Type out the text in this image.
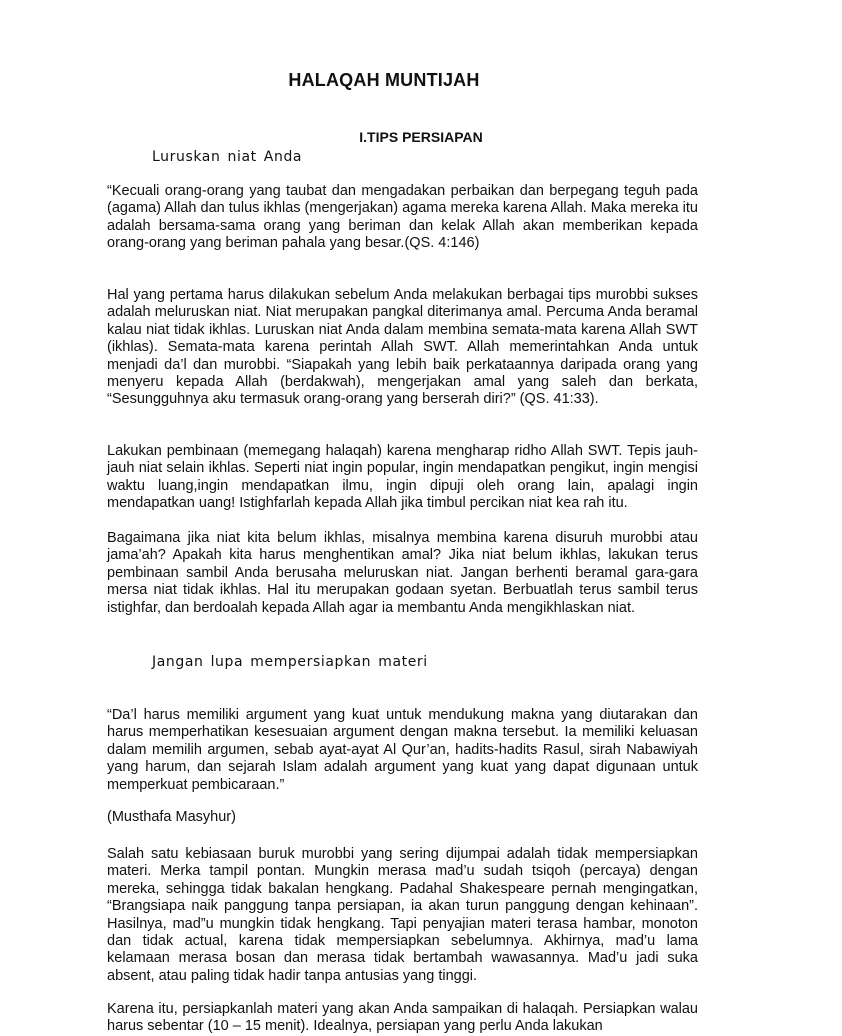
HALAQAH MUNTIJAH
I.TIPS PERSIAPAN
Luruskan niat Anda

“Kecuali orang-orang yang taubat dan mengadakan perbaikan dan berpegang teguh pada (agama) Allah dan tulus ikhlas (mengerjakan) agama mereka karena Allah. Maka mereka itu adalah bersama-sama orang yang beriman dan kelak Allah akan memberikan kepada orang-orang yang beriman pahala yang besar.(QS. 4:146)

Hal yang pertama harus dilakukan sebelum Anda melakukan berbagai tips murobbi sukses adalah meluruskan niat. Niat merupakan pangkal diterimanya amal. Percuma Anda beramal kalau niat tidak ikhlas. Luruskan niat Anda dalam membina semata-mata karena Allah SWT (ikhlas). Semata-mata karena perintah Allah SWT. Allah memerintahkan Anda untuk menjadi da’l dan murobbi. “Siapakah yang lebih baik perkataannya daripada orang yang menyeru kepada Allah (berdakwah), mengerjakan amal yang saleh dan berkata, “Sesungguhnya aku termasuk orang-orang yang berserah diri?” (QS. 41:33).

Lakukan pembinaan (memegang halaqah) karena mengharap ridho Allah SWT. Tepis jauh-jauh niat selain ikhlas. Seperti niat ingin popular, ingin mendapatkan pengikut, ingin mengisi waktu luang,ingin mendapatkan ilmu, ingin dipuji oleh orang lain, apalagi ingin mendapatkan uang! Istighfarlah kepada Allah jika timbul percikan niat kea rah itu.

Bagaimana jika niat kita belum ikhlas, misalnya membina karena disuruh murobbi atau jama’ah? Apakah kita harus menghentikan amal? Jika niat belum ikhlas, lakukan terus pembinaan sambil Anda berusaha meluruskan niat. Jangan berhenti beramal gara-gara mersa niat tidak ikhlas. Hal itu merupakan godaan syetan. Berbuatlah terus sambil terus istighfar, dan berdoalah kepada Allah agar ia membantu Anda mengikhlaskan niat.

Jangan lupa mempersiapkan materi

“Da’l harus memiliki argument yang kuat untuk mendukung makna yang diutarakan dan harus memperhatikan kesesuaian argument dengan makna tersebut. Ia memiliki keluasan dalam memilih argumen, sebab ayat-ayat Al Qur’an, hadits-hadits Rasul, sirah Nabawiyah yang harum, dan sejarah Islam adalah argument yang kuat yang dapat digunaan untuk memperkuat pembicaraan.”

(Musthafa Masyhur)

Salah satu kebiasaan buruk murobbi yang sering dijumpai adalah tidak mempersiapkan materi. Merka tampil pontan. Mungkin merasa mad’u sudah tsiqoh (percaya) dengan mereka, sehingga tidak bakalan hengkang. Padahal Shakespeare pernah mengingatkan, “Brangsiapa naik panggung tanpa persiapan, ia akan turun panggung dengan kehinaan”. Hasilnya, mad”u mungkin tidak hengkang. Tapi penyajian materi terasa hambar, monoton dan tidak actual, karena tidak mempersiapkan sebelumnya. Akhirnya, mad’u lama kelamaan merasa bosan dan merasa tidak bertambah wawasannya. Mad’u jadi suka absent, atau paling tidak hadir tanpa antusias yang tinggi.

Karena itu, persiapkanlah materi yang akan Anda sampaikan di halaqah. Persiapkan walau harus sebentar (10 – 15 menit). Idealnya, persiapan yang perlu Anda lakukan
